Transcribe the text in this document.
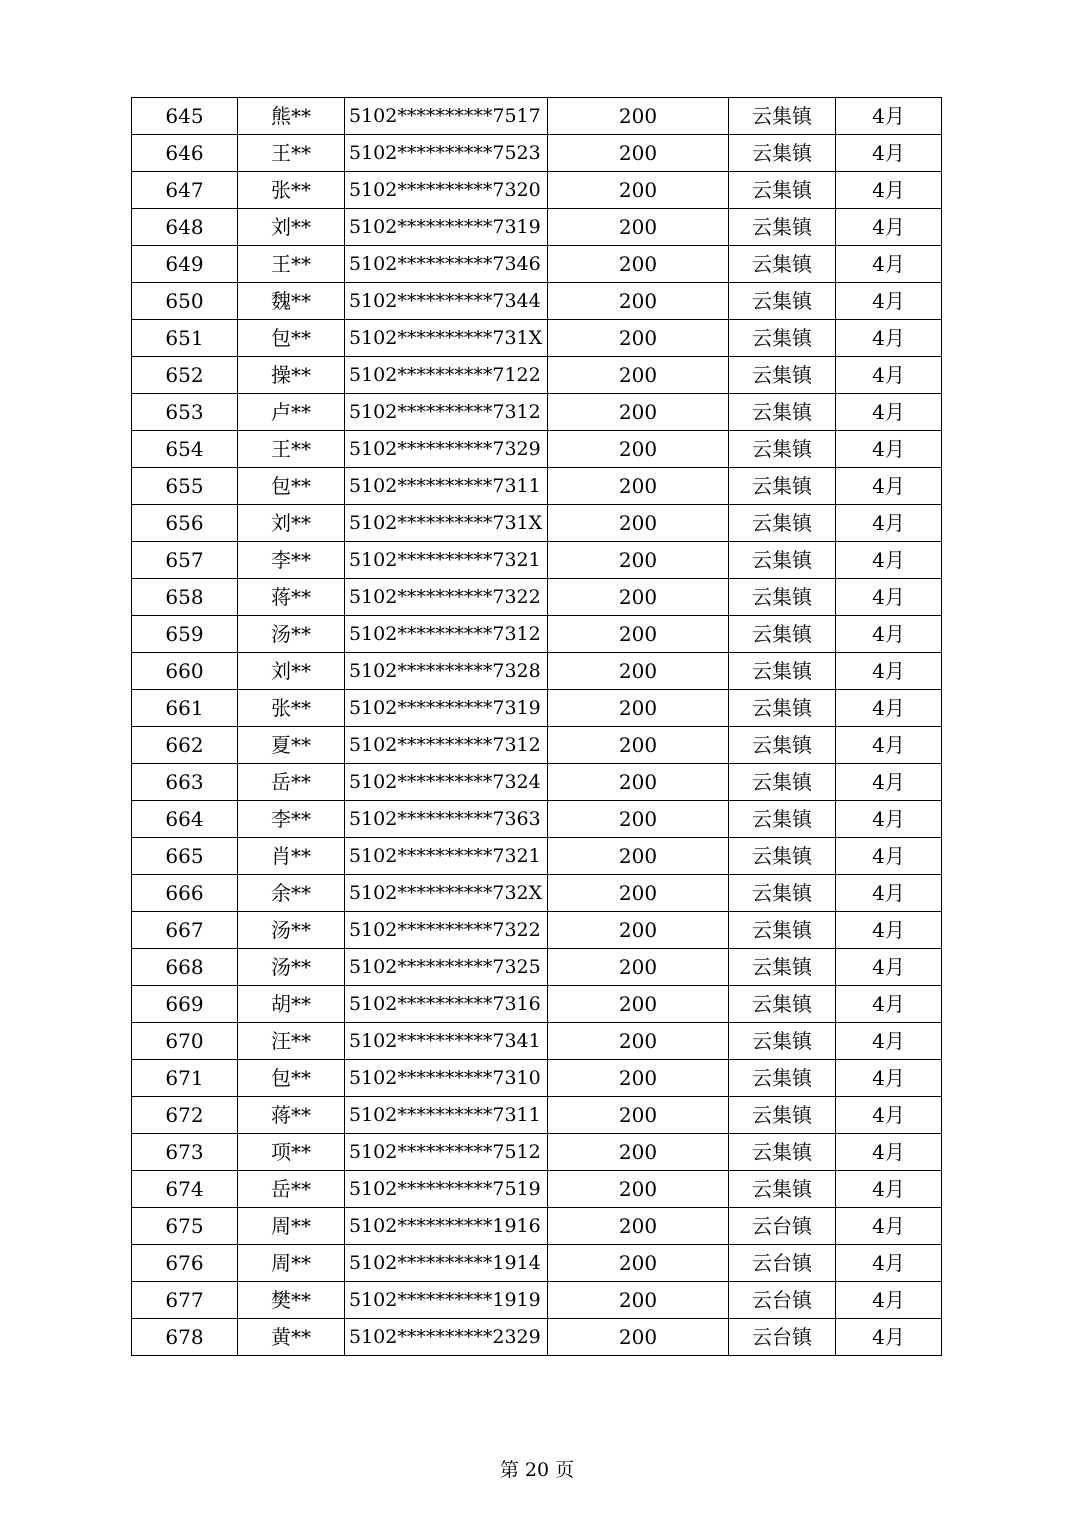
645	熊**	5102**********7517	200	云集镇	4月
646	王**	5102**********7523	200	云集镇	4月
647	张**	5102**********7320	200	云集镇	4月
648	刘**	5102**********7319	200	云集镇	4月
649	王**	5102**********7346	200	云集镇	4月
650	魏**	5102**********7344	200	云集镇	4月
651	包**	5102**********731X	200	云集镇	4月
652	操**	5102**********7122	200	云集镇	4月
653	卢**	5102**********7312	200	云集镇	4月
654	王**	5102**********7329	200	云集镇	4月
655	包**	5102**********7311	200	云集镇	4月
656	刘**	5102**********731X	200	云集镇	4月
657	李**	5102**********7321	200	云集镇	4月
658	蒋**	5102**********7322	200	云集镇	4月
659	汤**	5102**********7312	200	云集镇	4月
660	刘**	5102**********7328	200	云集镇	4月
661	张**	5102**********7319	200	云集镇	4月
662	夏**	5102**********7312	200	云集镇	4月
663	岳**	5102**********7324	200	云集镇	4月
664	李**	5102**********7363	200	云集镇	4月
665	肖**	5102**********7321	200	云集镇	4月
666	余**	5102**********732X	200	云集镇	4月
667	汤**	5102**********7322	200	云集镇	4月
668	汤**	5102**********7325	200	云集镇	4月
669	胡**	5102**********7316	200	云集镇	4月
670	汪**	5102**********7341	200	云集镇	4月
671	包**	5102**********7310	200	云集镇	4月
672	蒋**	5102**********7311	200	云集镇	4月
673	项**	5102**********7512	200	云集镇	4月
674	岳**	5102**********7519	200	云集镇	4月
675	周**	5102**********1916	200	云台镇	4月
676	周**	5102**********1914	200	云台镇	4月
677	樊**	5102**********1919	200	云台镇	4月
678	黄**	5102**********2329	200	云台镇	4月
第 20 页
